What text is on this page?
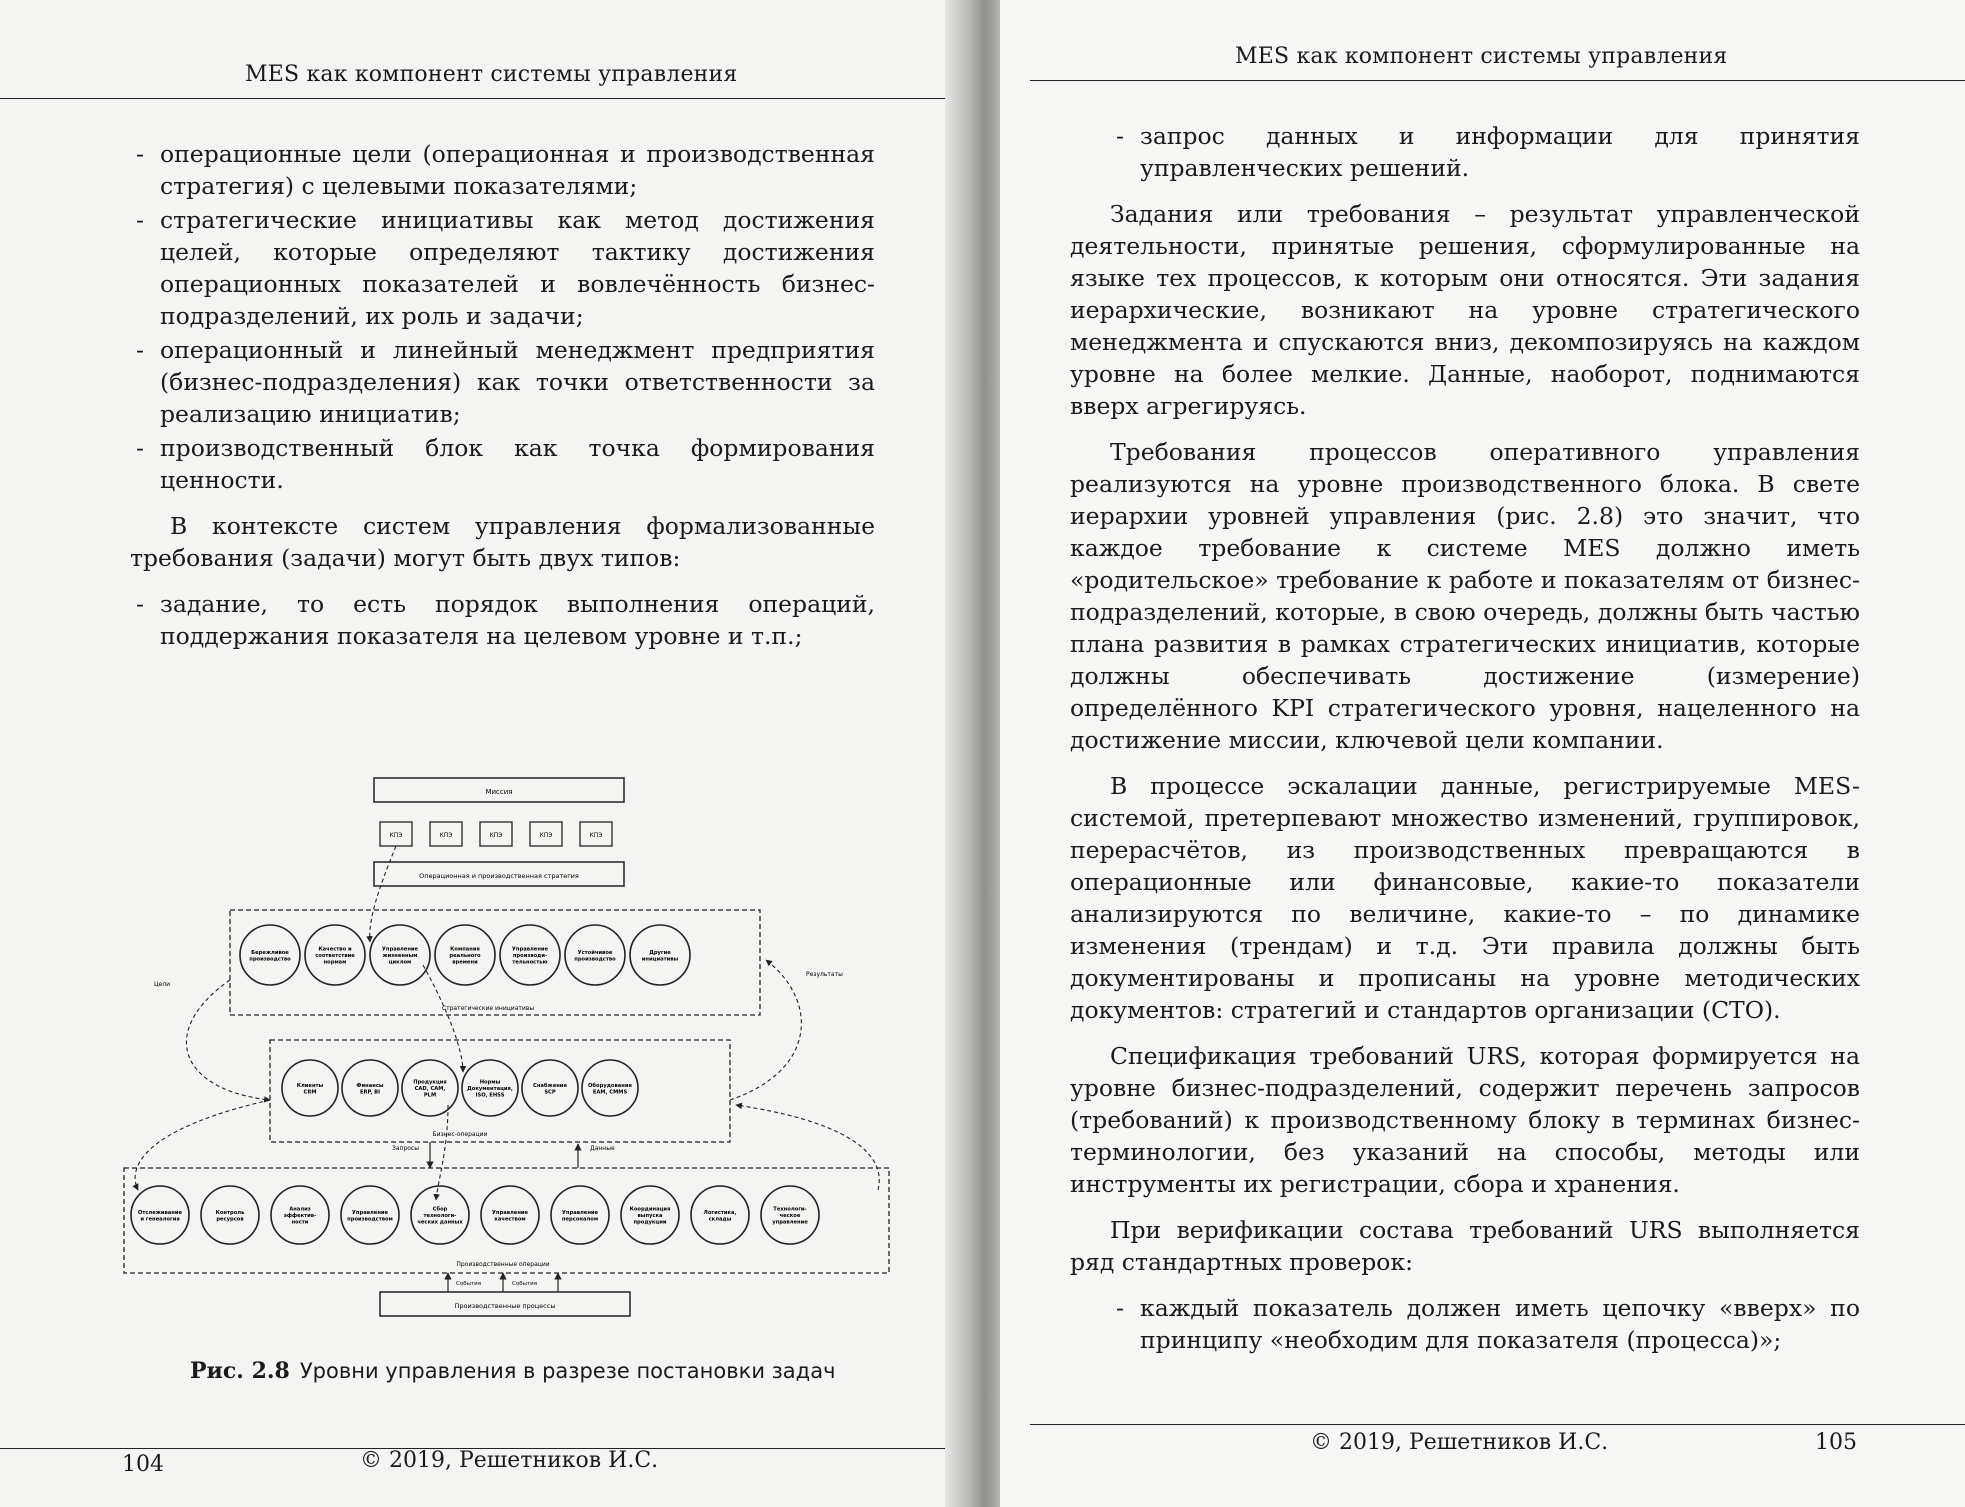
MES как компонент системы управления
- операционные цели (операционная и производственная стратегия) с целевыми показателями;
- стратегические инициативы как метод достижения целей, которые определяют тактику достижения операционных показателей и вовлечённость бизнес-подразделений, их роль и задачи;
- операционный и линейный менеджмент предприятия (бизнес-подразделения) как точки ответственности за реализацию инициатив;
- производственный блок как точка формирования ценности.

В контексте систем управления формализованные требования (задачи) могут быть двух типов:

- задание, то есть порядок выполнения операций, поддержания показателя на целевом уровне и т.п.;
Миссия
КПЭ	КПЭ	КПЭ	КПЭ	КПЭ
Операционная и производственная стратегия
Бережливое производство
Качество и соответствие нормам
Управление жизненным циклом
Компания реального времени
Управление производи-тельностью
Устойчивое производство
Другие инициативы
Стратегические инициативы
Цели
Результаты
Клиенты CRM
Финансы ERP, BI
Продукция CAD, CAM, PLM
Нормы Документация, ISO, EHSS
Снабжение SCP
Оборудование EAM, CMMS
Бизнес-операции
Запросы	Данные
Отслеживание и генеалогия
Контроль ресурсов
Анализ эффектив-ности
Управление производством
Сбор технологи-ческих данных
Управление качеством
Управление персоналом
Координация выпуска продукции
Логистика, склады
Технологи-ческое управление
Производственные операции
События	События
Производственные процессы
Рис. 2.8 Уровни управления в разрезе постановки задач
104	© 2019, Решетников И.С.
MES как компонент системы управления
- запрос данных и информации для принятия управленческих решений.

Задания или требования – результат управленческой деятельности, принятые решения, сформулированные на языке тех процессов, к которым они относятся. Эти задания иерархические, возникают на уровне стратегического менеджмента и спускаются вниз, декомпозируясь на каждом уровне на более мелкие. Данные, наоборот, поднимаются вверх агрегируясь.

Требования процессов оперативного управления реализуются на уровне производственного блока. В свете иерархии уровней управления (рис. 2.8) это значит, что каждое требование к системе MES должно иметь «родительское» требование к работе и показателям от бизнес-подразделений, которые, в свою очередь, должны быть частью плана развития в рамках стратегических инициатив, которые должны обеспечивать достижение (измерение) определённого KPI стратегического уровня, нацеленного на достижение миссии, ключевой цели компании.

В процессе эскалации данные, регистрируемые MES-системой, претерпевают множество изменений, группировок, перерасчётов, из производственных превращаются в операционные или финансовые, какие-то показатели анализируются по величине, какие-то – по динамике изменения (трендам) и т.д. Эти правила должны быть документированы и прописаны на уровне методических документов: стратегий и стандартов организации (СТО).

Спецификация требований URS, которая формируется на уровне бизнес-подразделений, содержит перечень запросов (требований) к производственному блоку в терминах бизнес-терминологии, без указаний на способы, методы или инструменты их регистрации, сбора и хранения.

При верификации состава требований URS выполняется ряд стандартных проверок:

- каждый показатель должен иметь цепочку «вверх» по принципу «необходим для показателя (процесса)»;
© 2019, Решетников И.С.	105
